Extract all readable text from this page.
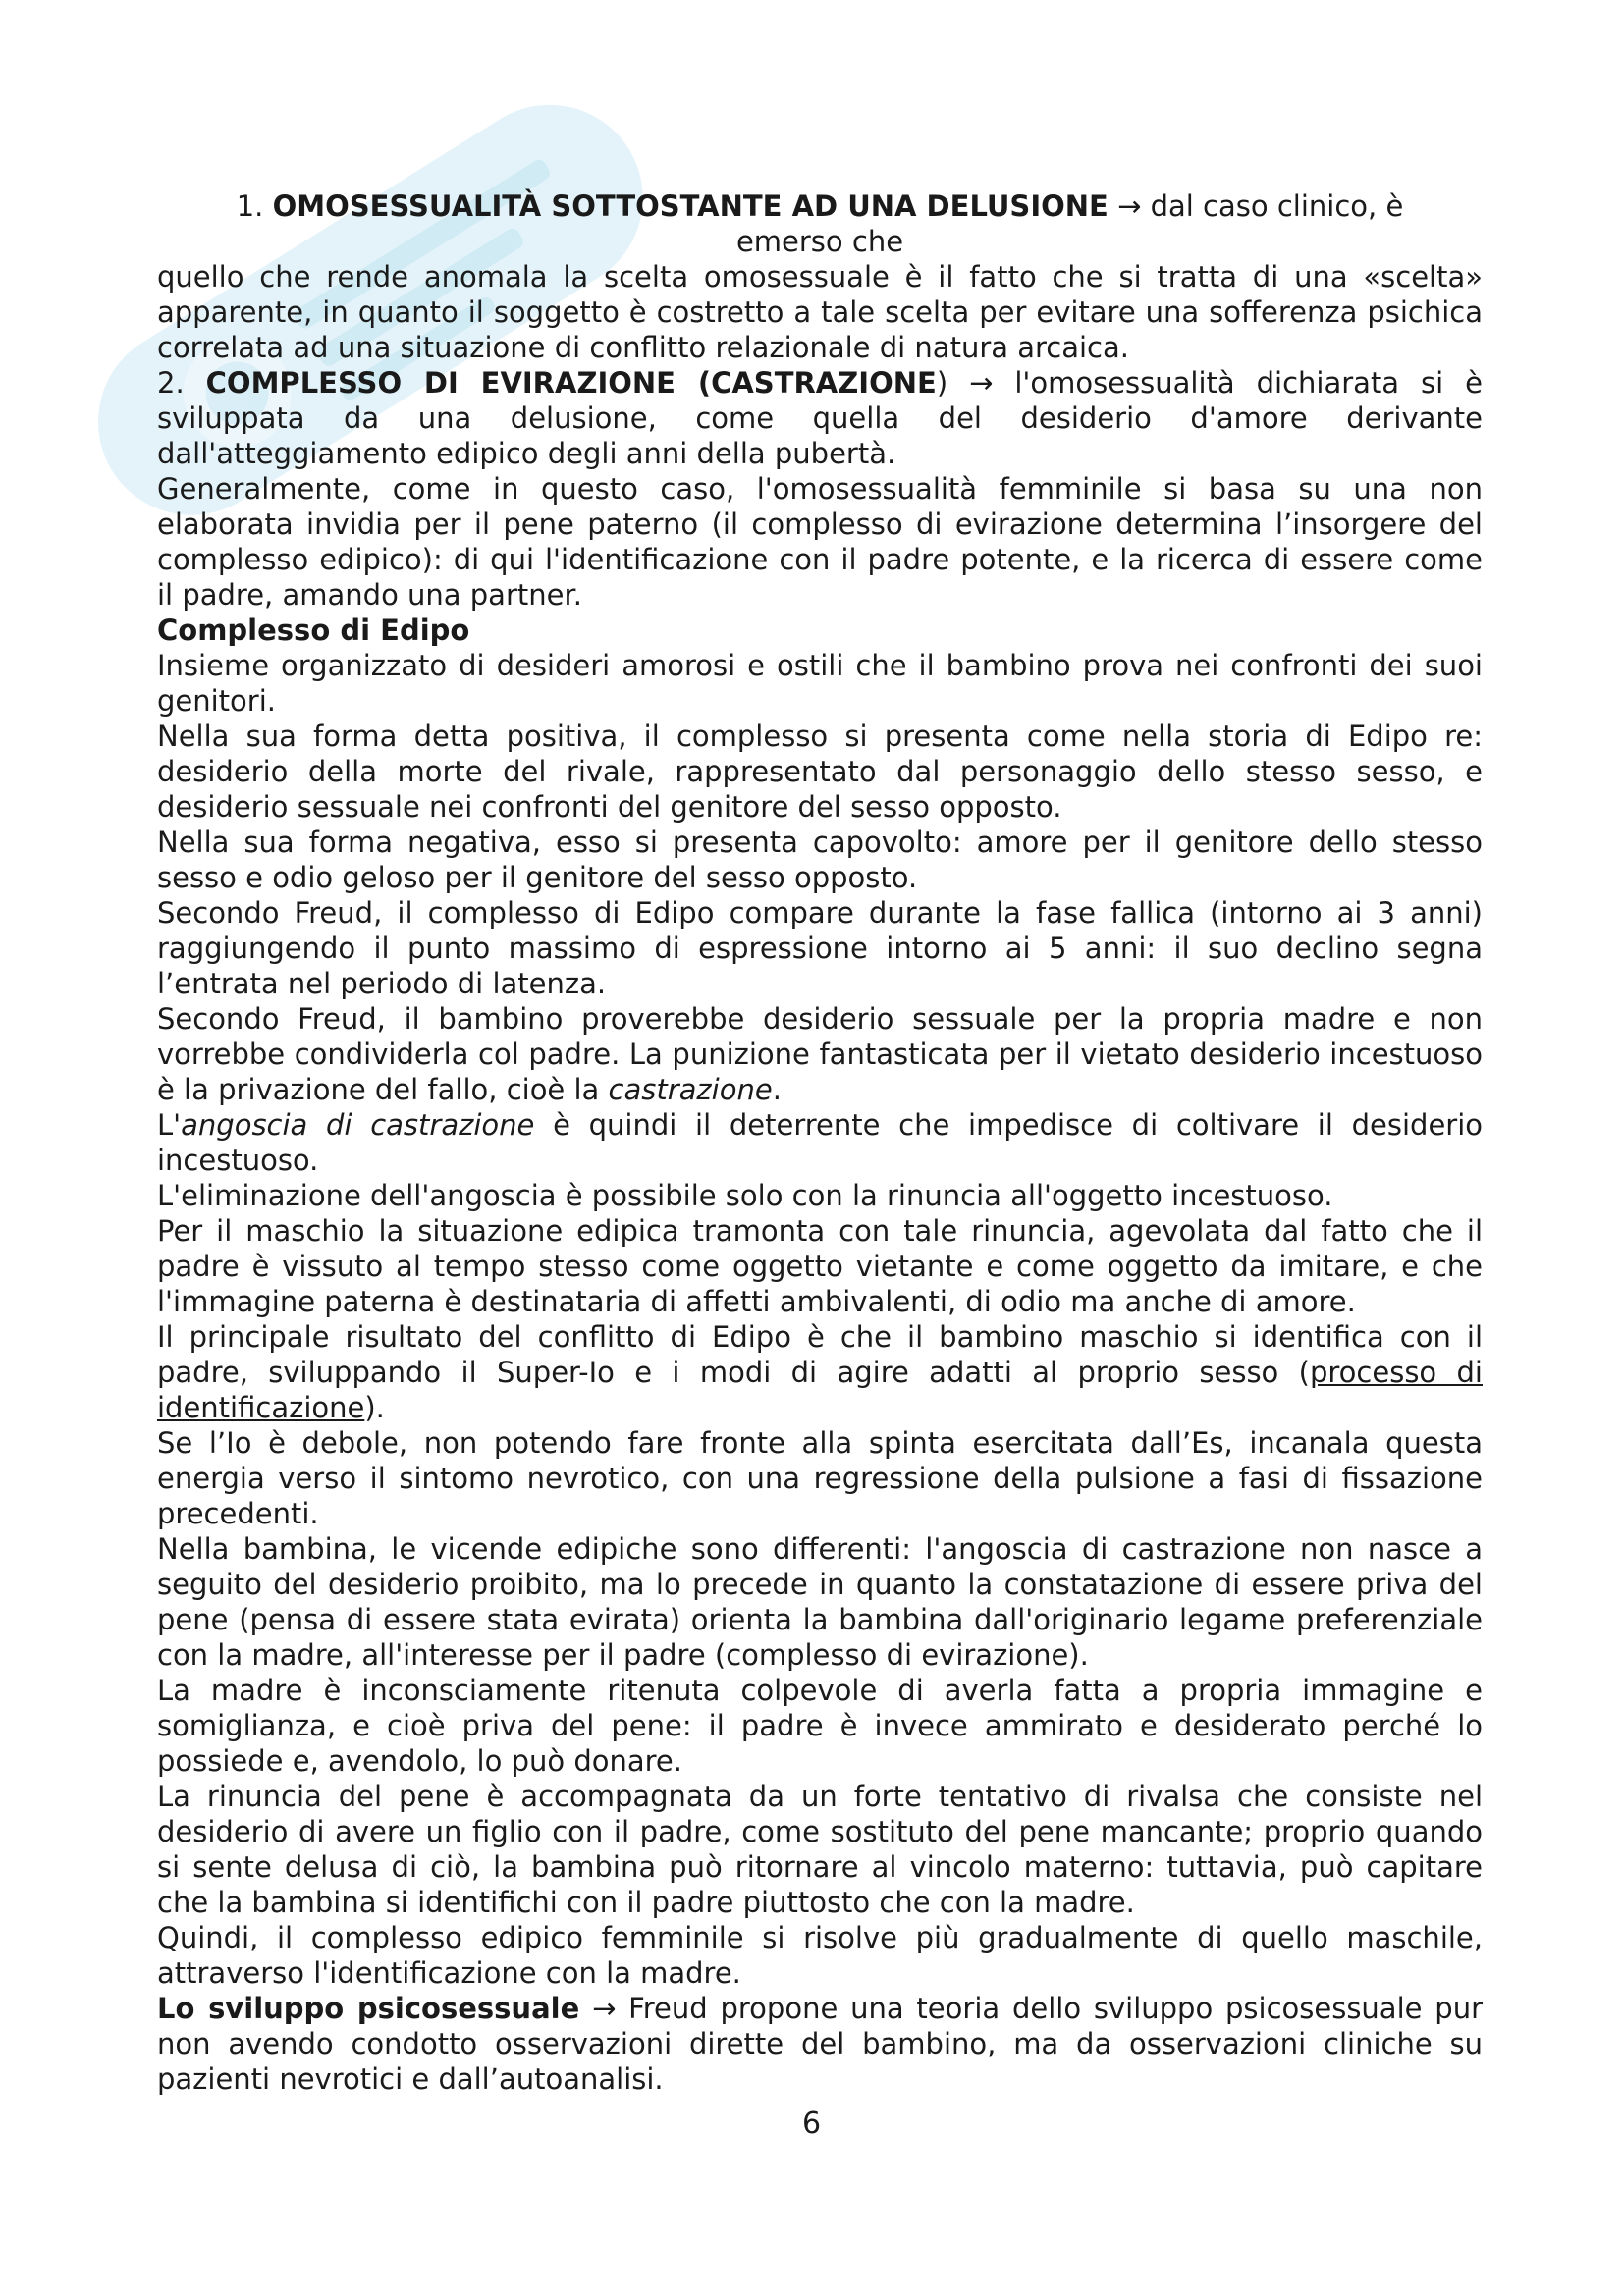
1. OMOSESSUALITÀ SOTTOSTANTE AD UNA DELUSIONE → dal caso clinico, è emerso che

quello che rende anomala la scelta omosessuale è il fatto che si tratta di una «scelta» apparente, in quanto il soggetto è costretto a tale scelta per evitare una sofferenza psichica correlata ad una situazione di conflitto relazionale di natura arcaica.

2. COMPLESSO DI EVIRAZIONE (CASTRAZIONE) → l'omosessualità dichiarata si è sviluppata da una delusione, come quella del desiderio d'amore derivante dall'atteggiamento edipico degli anni della pubertà.

Generalmente, come in questo caso, l'omosessualità femminile si basa su una non elaborata invidia per il pene paterno (il complesso di evirazione determina l’insorgere del complesso edipico): di qui l'identificazione con il padre potente, e la ricerca di essere come il padre, amando una partner.

Complesso di Edipo

Insieme organizzato di desideri amorosi e ostili che il bambino prova nei confronti dei suoi genitori.

Nella sua forma detta positiva, il complesso si presenta come nella storia di Edipo re: desiderio della morte del rivale, rappresentato dal personaggio dello stesso sesso, e desiderio sessuale nei confronti del genitore del sesso opposto.

Nella sua forma negativa, esso si presenta capovolto: amore per il genitore dello stesso sesso e odio geloso per il genitore del sesso opposto.

Secondo Freud, il complesso di Edipo compare durante la fase fallica (intorno ai 3 anni) raggiungendo il punto massimo di espressione intorno ai 5 anni: il suo declino segna l’entrata nel periodo di latenza.

Secondo Freud, il bambino proverebbe desiderio sessuale per la propria madre e non vorrebbe condividerla col padre. La punizione fantasticata per il vietato desiderio incestuoso è la privazione del fallo, cioè la castrazione.

L'angoscia di castrazione è quindi il deterrente che impedisce di coltivare il desiderio incestuoso.

L'eliminazione dell'angoscia è possibile solo con la rinuncia all'oggetto incestuoso.

Per il maschio la situazione edipica tramonta con tale rinuncia, agevolata dal fatto che il padre è vissuto al tempo stesso come oggetto vietante e come oggetto da imitare, e che l'immagine paterna è destinataria di affetti ambivalenti, di odio ma anche di amore.

Il principale risultato del conflitto di Edipo è che il bambino maschio si identifica con il padre, sviluppando il Super-Io e i modi di agire adatti al proprio sesso (processo di identificazione).

Se l’Io è debole, non potendo fare fronte alla spinta esercitata dall’Es, incanala questa energia verso il sintomo nevrotico, con una regressione della pulsione a fasi di fissazione precedenti.

Nella bambina, le vicende edipiche sono differenti: l'angoscia di castrazione non nasce a seguito del desiderio proibito, ma lo precede in quanto la constatazione di essere priva del pene (pensa di essere stata evirata) orienta la bambina dall'originario legame preferenziale con la madre, all'interesse per il padre (complesso di evirazione).

La madre è inconsciamente ritenuta colpevole di averla fatta a propria immagine e somiglianza, e cioè priva del pene: il padre è invece ammirato e desiderato perché lo possiede e, avendolo, lo può donare.

La rinuncia del pene è accompagnata da un forte tentativo di rivalsa che consiste nel desiderio di avere un figlio con il padre, come sostituto del pene mancante; proprio quando si sente delusa di ciò, la bambina può ritornare al vincolo materno: tuttavia, può capitare che la bambina si identifichi con il padre piuttosto che con la madre.

Quindi, il complesso edipico femminile si risolve più gradualmente di quello maschile, attraverso l'identificazione con la madre.

Lo sviluppo psicosessuale → Freud propone una teoria dello sviluppo psicosessuale pur non avendo condotto osservazioni dirette del bambino, ma da osservazioni cliniche su pazienti nevrotici e dall’autoanalisi.

6
